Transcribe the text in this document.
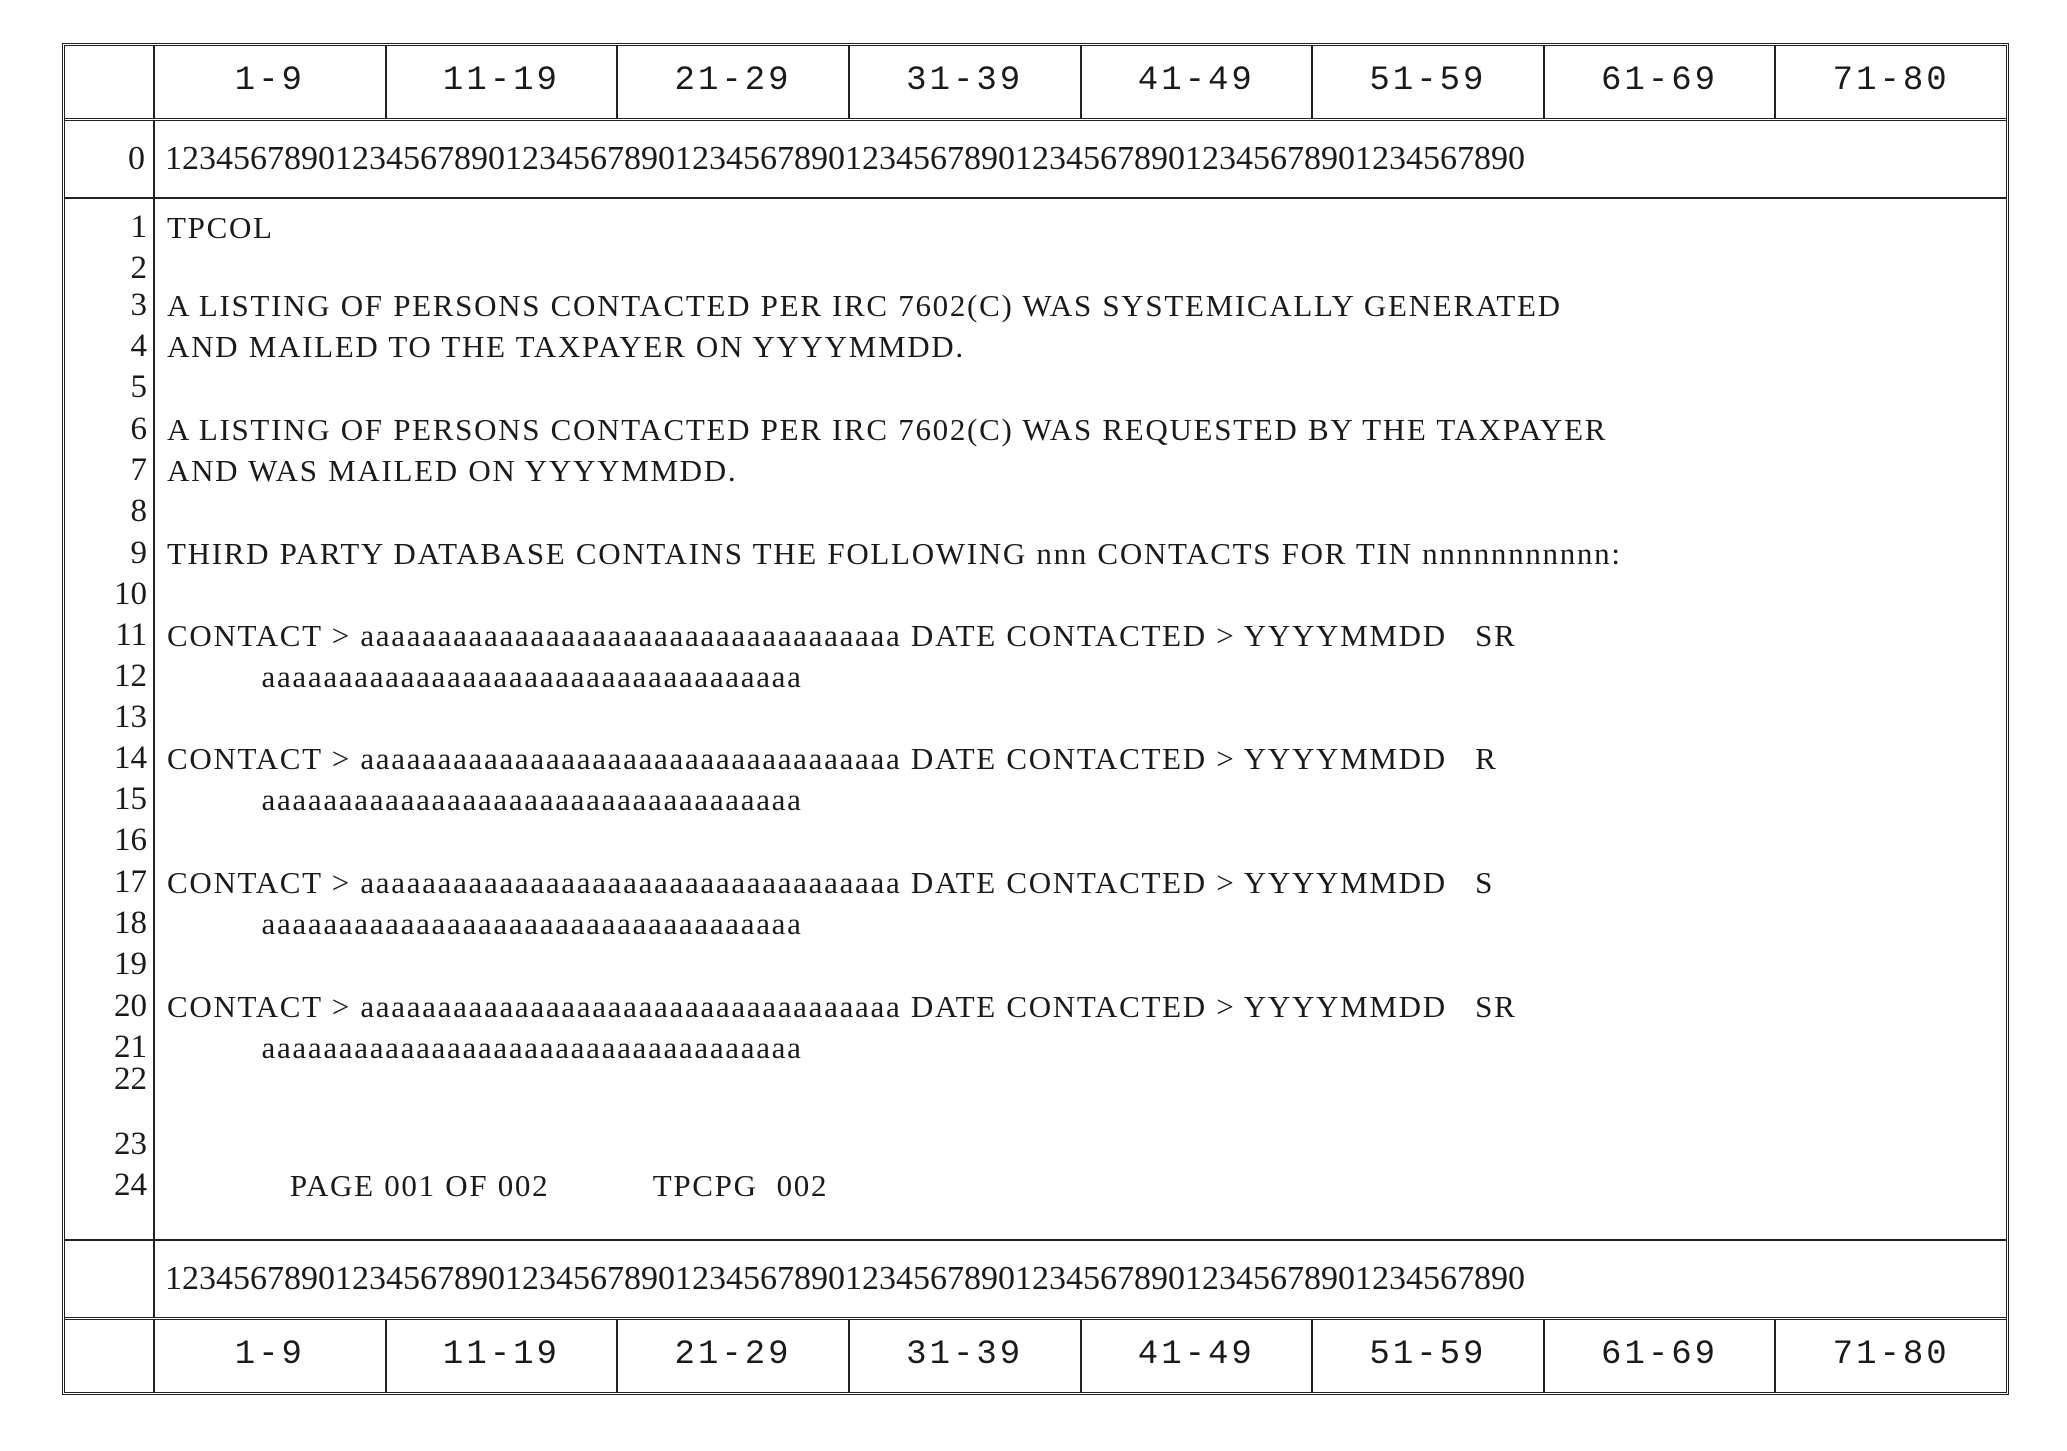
1-9	11-19	21-29	31-39	41-49	51-59	61-69	71-80
0 12345678901234567890123456789012345678901234567890123456789012345678901234567890
1 TPCOL
2
3 A LISTING OF PERSONS CONTACTED PER IRC 7602(C) WAS SYSTEMICALLY GENERATED
4 AND MAILED TO THE TAXPAYER ON YYYYMMDD.
5
6 A LISTING OF PERSONS CONTACTED PER IRC 7602(C) WAS REQUESTED BY THE TAXPAYER
7 AND WAS MAILED ON YYYYMMDD.
8
9 THIRD PARTY DATABASE CONTAINS THE FOLLOWING nnn CONTACTS FOR TIN nnnnnnnnnnn:
10
11 CONTACT > aaaaaaaaaaaaaaaaaaaaaaaaaaaaaaaaaaa DATE CONTACTED > YYYYMMDD   SR
12 aaaaaaaaaaaaaaaaaaaaaaaaaaaaaaaaaaa
13
14 CONTACT > aaaaaaaaaaaaaaaaaaaaaaaaaaaaaaaaaaa DATE CONTACTED > YYYYMMDD   R
15 aaaaaaaaaaaaaaaaaaaaaaaaaaaaaaaaaaa
16
17 CONTACT > aaaaaaaaaaaaaaaaaaaaaaaaaaaaaaaaaaa DATE CONTACTED > YYYYMMDD   S
18 aaaaaaaaaaaaaaaaaaaaaaaaaaaaaaaaaaa
19
20 CONTACT > aaaaaaaaaaaaaaaaaaaaaaaaaaaaaaaaaaa DATE CONTACTED > YYYYMMDD   SR
21 aaaaaaaaaaaaaaaaaaaaaaaaaaaaaaaaaaa
22
23
24 PAGE 001 OF 002           TPCPG  002
12345678901234567890123456789012345678901234567890123456789012345678901234567890
1-9	11-19	21-29	31-39	41-49	51-59	61-69	71-80
